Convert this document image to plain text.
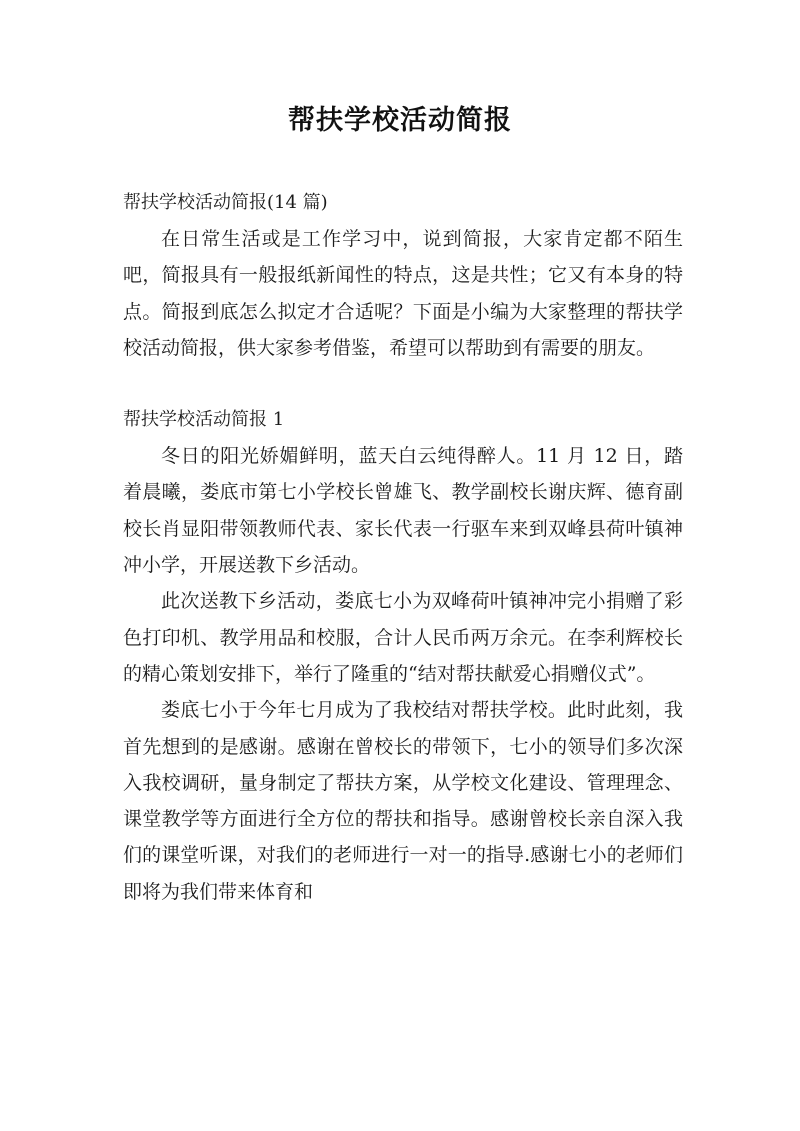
帮扶学校活动简报

帮扶学校活动简报(14 篇)

在日常生活或是工作学习中，说到简报，大家肯定都不陌生吧，简报具有一般报纸新闻性的特点，这是共性；它又有本身的特点。简报到底怎么拟定才合适呢？下面是小编为大家整理的帮扶学校活动简报，供大家参考借鉴，希望可以帮助到有需要的朋友。

帮扶学校活动简报 1

冬日的阳光娇媚鲜明，蓝天白云纯得醉人。11 月 12 日，踏着晨曦，娄底市第七小学校长曾雄飞、教学副校长谢庆辉、德育副校长肖显阳带领教师代表、家长代表一行驱车来到双峰县荷叶镇神冲小学，开展送教下乡活动。

此次送教下乡活动，娄底七小为双峰荷叶镇神冲完小捐赠了彩色打印机、教学用品和校服，合计人民币两万余元。在李利辉校长的精心策划安排下，举行了隆重的“结对帮扶献爱心捐赠仪式”。

娄底七小于今年七月成为了我校结对帮扶学校。此时此刻，我首先想到的是感谢。感谢在曾校长的带领下，七小的领导们多次深入我校调研，量身制定了帮扶方案，从学校文化建设、管理理念、课堂教学等方面进行全方位的帮扶和指导。感谢曾校长亲自深入我们的课堂听课，对我们的老师进行一对一的指导.感谢七小的老师们即将为我们带来体育和
